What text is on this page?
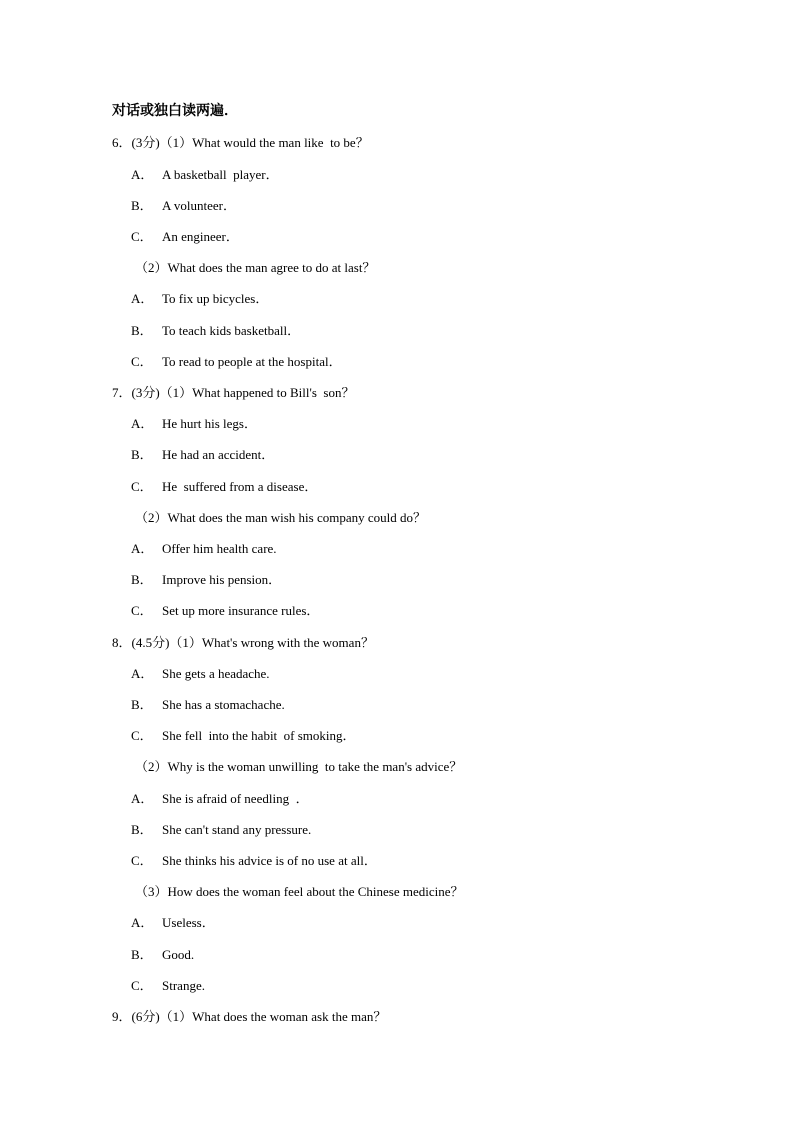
对话或独白读两遍．
6．(3分)（1）What would the man like  to be？
A． A basketball  player．
B． A volunteer．
C． An engineer．
（2）What does the man agree to do at last？
A． To fix up bicycles．
B． To teach kids basketball．
C． To read to people at the hospital．
7．(3分)（1）What happened to Bill's  son？
A． He hurt his legs．
B． He had an accident．
C． He  suffered from a disease．
（2）What does the man wish his company could do？
A． Offer him health care.
B． Improve his pension．
C． Set up more insurance rules．
8．(4.5分)（1）What's wrong with the woman？
A． She gets a headache.
B． She has a stomachache.
C． She fell  into the habit  of smoking．
（2）Why is the woman unwilling  to take the man's advice？
A． She is afraid of needling  ．
B． She can't stand any pressure.
C． She thinks his advice is of no use at all．
（3）How does the woman feel about the Chinese medicine？
A． Useless．
B． Good.
C． Strange.
9．(6分)（1）What does the woman ask the man？
